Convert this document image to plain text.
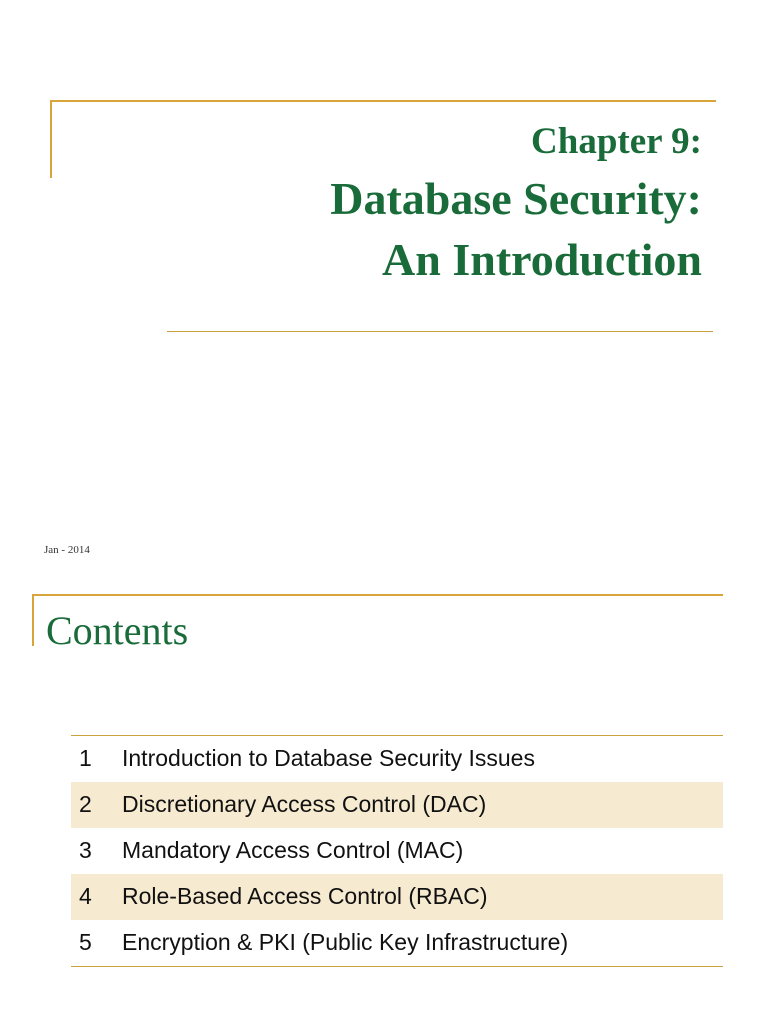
Chapter 9:
Database Security:
An Introduction
Jan - 2014
Contents
1 Introduction to Database Security Issues
2 Discretionary Access Control (DAC)
3 Mandatory Access Control (MAC)
4 Role-Based Access Control (RBAC)
5 Encryption & PKI (Public Key Infrastructure)
